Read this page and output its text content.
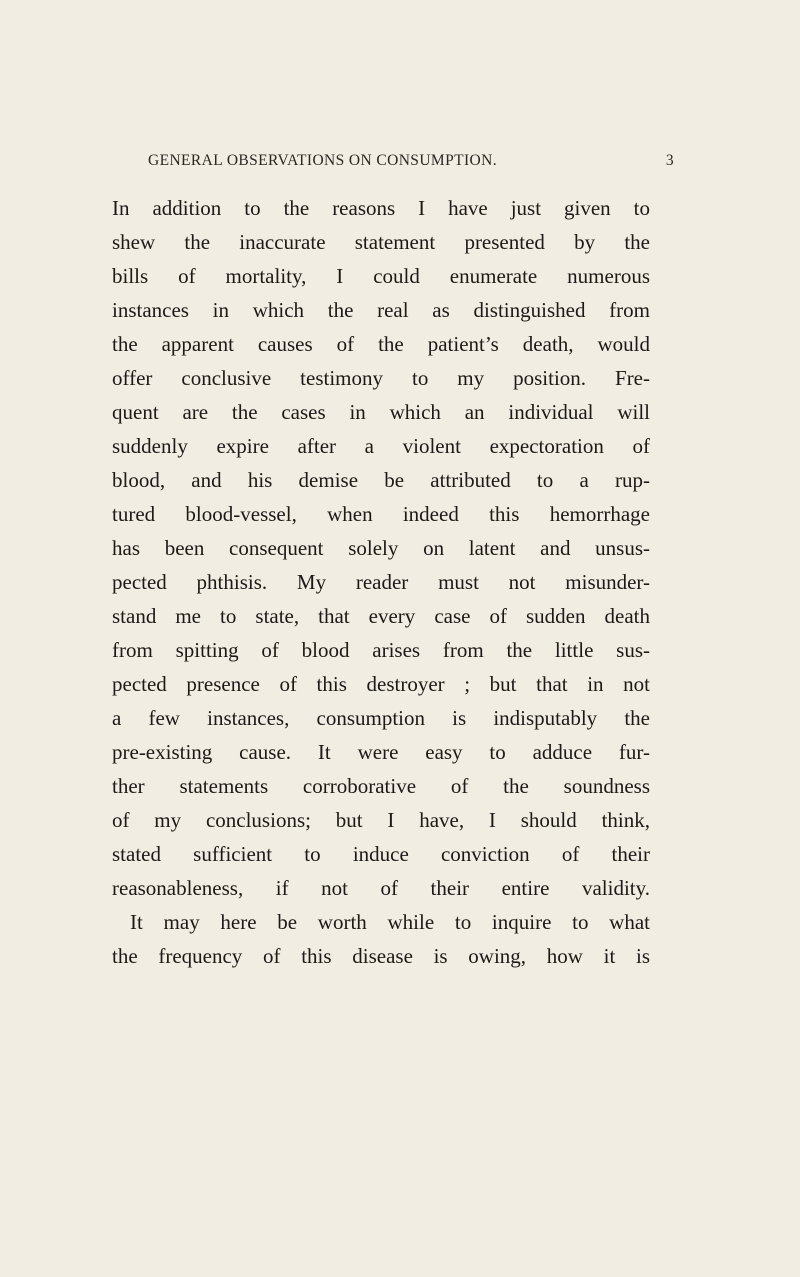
GENERAL OBSERVATIONS ON CONSUMPTION.	3
In addition to the reasons I have just given to
shew the inaccurate statement presented by the
bills of mortality, I could enumerate numerous
instances in which the real as distinguished from
the apparent causes of the patient’s death, would
offer conclusive testimony to my position. Fre-
quent are the cases in which an individual will
suddenly expire after a violent expectoration of
blood, and his demise be attributed to a rup-
tured blood-vessel, when indeed this hemorrhage
has been consequent solely on latent and unsus-
pected phthisis. My reader must not misunder-
stand me to state, that every case of sudden death
from spitting of blood arises from the little sus-
pected presence of this destroyer ; but that in not
a few instances, consumption is indisputably the
pre-existing cause. It were easy to adduce fur-
ther statements corroborative of the soundness
of my conclusions; but I have, I should think,
stated sufficient to induce conviction of their
reasonableness, if not of their entire validity.
It may here be worth while to inquire to what
the frequency of this disease is owing, how it is
